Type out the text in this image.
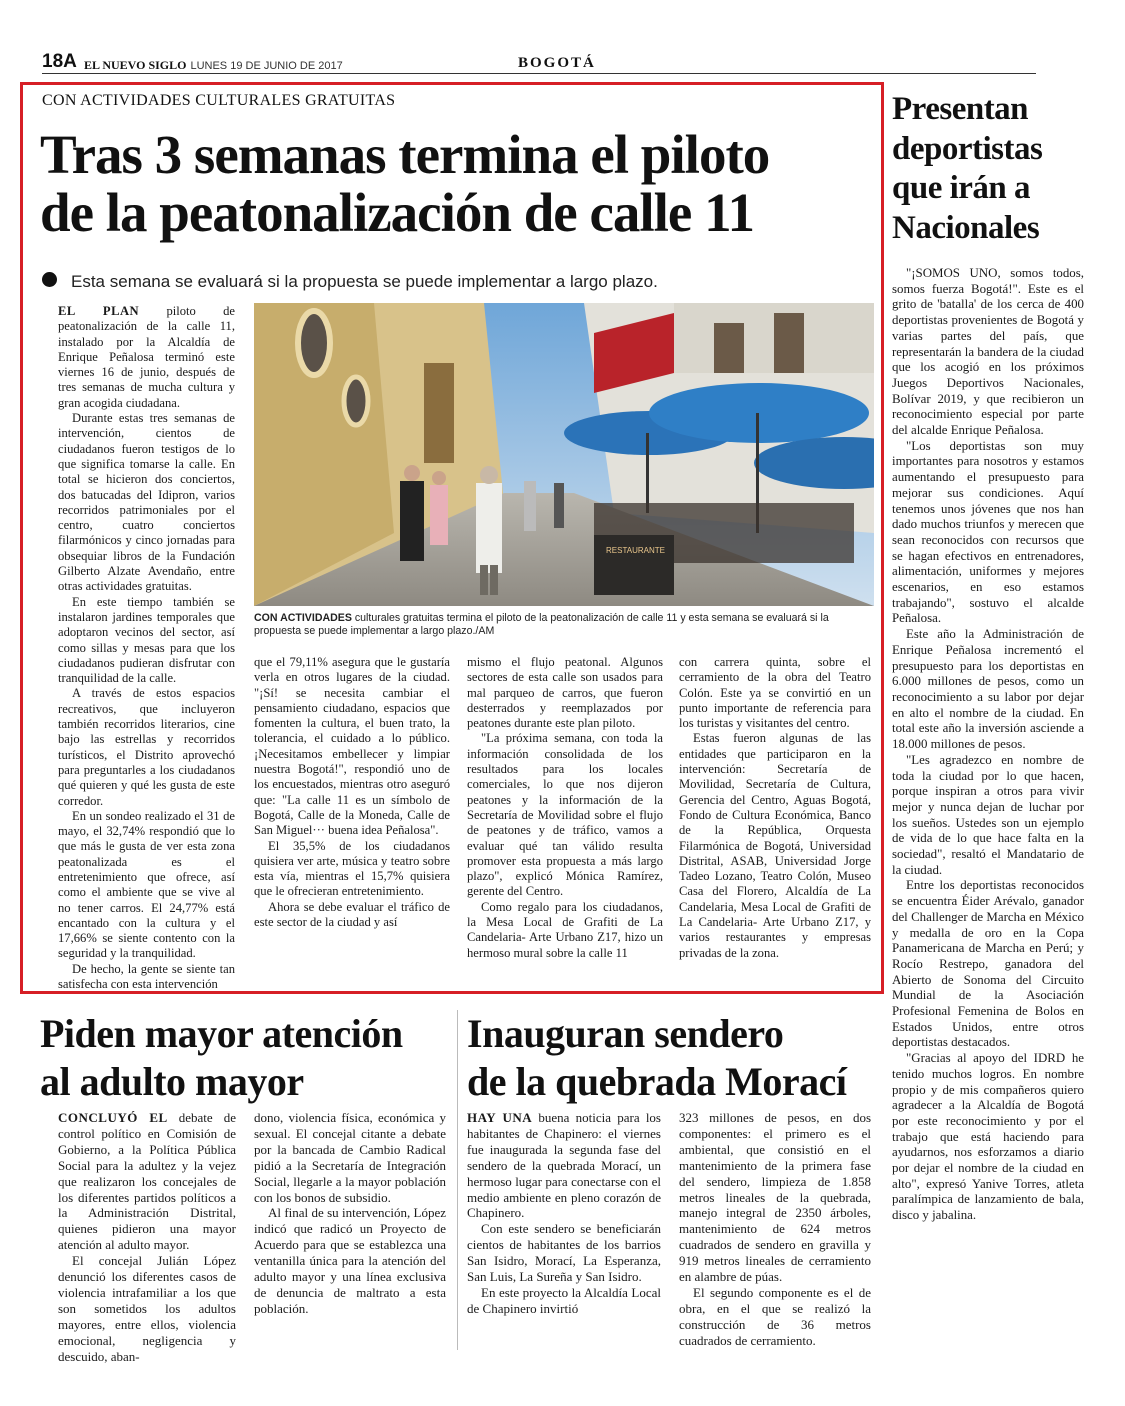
18A EL NUEVO SIGLO LUNES 19 DE JUNIO DE 2017	BOGOTÁ
CON ACTIVIDADES CULTURALES GRATUITAS
Tras 3 semanas termina el piloto
de la peatonalización de calle 11
Esta semana se evaluará si la propuesta se puede implementar a largo plazo.

EL PLAN piloto de peatonalización de la calle 11, instalado por la Alcaldía de Enrique Peñalosa terminó este viernes 16 de junio, después de tres semanas de mucha cultura y gran acogida ciudadana.

Durante estas tres semanas de intervención, cientos de ciudadanos fueron testigos de lo que significa tomarse la calle. En total se hicieron dos conciertos, dos batucadas del Idipron, varios recorridos patrimoniales por el centro, cuatro conciertos filarmónicos y cinco jornadas para obsequiar libros de la Fundación Gilberto Alzate Avendaño, entre otras actividades gratuitas.

En este tiempo también se instalaron jardines temporales que adoptaron vecinos del sector, así como sillas y mesas para que los ciudadanos pudieran disfrutar con tranquilidad de la calle.

A través de estos espacios recreativos, que incluyeron también recorridos literarios, cine bajo las estrellas y recorridos turísticos, el Distrito aprovechó para preguntarles a los ciudadanos qué quieren y qué les gusta de este corredor.

En un sondeo realizado el 31 de mayo, el 32,74% respondió que lo que más le gusta de ver esta zona peatonalizada es el entretenimiento que ofrece, así como el ambiente que se vive al no tener carros. El 24,77% está encantado con la cultura y el 17,66% se siente contento con la seguridad y la tranquilidad.

De hecho, la gente se siente tan satisfecha con esta intervención

RESTAURANTE
CON ACTIVIDADES culturales gratuitas termina el piloto de la peatonalización de calle 11 y esta semana se evaluará si la propuesta se puede implementar a largo plazo./AM

que el 79,11% asegura que le gustaría verla en otros lugares de la ciudad. "¡Sí! se necesita cambiar el pensamiento ciudadano, espacios que fomenten la cultura, el buen trato, la tolerancia, el cuidado a lo público. ¡Necesitamos embellecer y limpiar nuestra Bogotá!", respondió uno de los encuestados, mientras otro aseguró que: "La calle 11 es un símbolo de Bogotá, Calle de la Moneda, Calle de San Miguel··· buena idea Peñalosa".

El 35,5% de los ciudadanos quisiera ver arte, música y teatro sobre esta vía, mientras el 15,7% quisiera que le ofrecieran entretenimiento.

Ahora se debe evaluar el tráfico de este sector de la ciudad y así

mismo el flujo peatonal. Algunos sectores de esta calle son usados para mal parqueo de carros, que fueron desterrados y reemplazados por peatones durante este plan piloto.

"La próxima semana, con toda la información consolidada de los resultados para los locales comerciales, lo que nos dijeron peatones y la información de la Secretaría de Movilidad sobre el flujo de peatones y de tráfico, vamos a evaluar qué tan válido resulta promover esta propuesta a más largo plazo", explicó Mónica Ramírez, gerente del Centro.

Como regalo para los ciudadanos, la Mesa Local de Grafiti de La Candelaria- Arte Urbano Z17, hizo un hermoso mural sobre la calle 11

con carrera quinta, sobre el cerramiento de la obra del Teatro Colón. Este ya se convirtió en un punto importante de referencia para los turistas y visitantes del centro.

Estas fueron algunas de las entidades que participaron en la intervención: Secretaría de Movilidad, Secretaría de Cultura, Gerencia del Centro, Aguas Bogotá, Fondo de Cultura Económica, Banco de la República, Orquesta Filarmónica de Bogotá, Universidad Distrital, ASAB, Universidad Jorge Tadeo Lozano, Teatro Colón, Museo Casa del Florero, Alcaldía de La Candelaria, Mesa Local de Grafiti de La Candelaria- Arte Urbano Z17, y varios restaurantes y empresas privadas de la zona.

Presentan
deportistas
que irán a
Nacionales

"¡SOMOS UNO, somos todos, somos fuerza Bogotá!". Este es el grito de 'batalla' de los cerca de 400 deportistas provenientes de Bogotá y varias partes del país, que representarán la bandera de la ciudad que los acogió en los próximos Juegos Deportivos Nacionales, Bolívar 2019, y que recibieron un reconocimiento especial por parte del alcalde Enrique Peñalosa.

"Los deportistas son muy importantes para nosotros y estamos aumentando el presupuesto para mejorar sus condiciones. Aquí tenemos unos jóvenes que nos han dado muchos triunfos y merecen que sean reconocidos con recursos que se hagan efectivos en entrenadores, alimentación, uniformes y mejores escenarios, en eso estamos trabajando", sostuvo el alcalde Peñalosa.

Este año la Administración de Enrique Peñalosa incrementó el presupuesto para los deportistas en 6.000 millones de pesos, como un reconocimiento a su labor por dejar en alto el nombre de la ciudad. En total este año la inversión asciende a 18.000 millones de pesos.

"Les agradezco en nombre de toda la ciudad por lo que hacen, porque inspiran a otros para vivir mejor y nunca dejan de luchar por los sueños. Ustedes son un ejemplo de vida de lo que hace falta en la sociedad", resaltó el Mandatario de la ciudad.

Entre los deportistas reconocidos se encuentra Éider Arévalo, ganador del Challenger de Marcha en México y medalla de oro en la Copa Panamericana de Marcha en Perú; y Rocío Restrepo, ganadora del Abierto de Sonoma del Circuito Mundial de la Asociación Profesional Femenina de Bolos en Estados Unidos, entre otros deportistas destacados.

"Gracias al apoyo del IDRD he tenido muchos logros. En nombre propio y de mis compañeros quiero agradecer a la Alcaldía de Bogotá por este reconocimiento y por el trabajo que está haciendo para ayudarnos, nos esforzamos a diario por dejar el nombre de la ciudad en alto", expresó Yanive Torres, atleta paralímpica de lanzamiento de bala, disco y jabalina.

Piden mayor atención
al adulto mayor

CONCLUYÓ EL debate de control político en Comisión de Gobierno, a la Política Pública Social para la adultez y la vejez que realizaron los concejales de los diferentes partidos políticos a la Administración Distrital, quienes pidieron una mayor atención al adulto mayor.

El concejal Julián López denunció los diferentes casos de violencia intrafamiliar a los que son sometidos los adultos mayores, entre ellos, violencia emocional, negligencia y descuido, aban-

dono, violencia física, económica y sexual. El concejal citante a debate por la bancada de Cambio Radical pidió a la Secretaría de Integración Social, llegarle a la mayor población con los bonos de subsidio.

Al final de su intervención, López indicó que radicó un Proyecto de Acuerdo para que se establezca una ventanilla única para la atención del adulto mayor y una línea exclusiva de denuncia de maltrato a esta población.

Inauguran sendero
de la quebrada Morací

HAY UNA buena noticia para los habitantes de Chapinero: el viernes fue inaugurada la segunda fase del sendero de la quebrada Morací, un hermoso lugar para conectarse con el medio ambiente en pleno corazón de Chapinero.

Con este sendero se beneficiarán cientos de habitantes de los barrios San Isidro, Morací, La Esperanza, San Luis, La Sureña y San Isidro.

En este proyecto la Alcaldía Local de Chapinero invirtió

323 millones de pesos, en dos componentes: el primero es el ambiental, que consistió en el mantenimiento de la primera fase del sendero, limpieza de 1.858 metros lineales de la quebrada, manejo integral de 2350 árboles, mantenimiento de 624 metros cuadrados de sendero en gravilla y 919 metros lineales de cerramiento en alambre de púas.

El segundo componente es el de obra, en el que se realizó la construcción de 36 metros cuadrados de cerramiento.
